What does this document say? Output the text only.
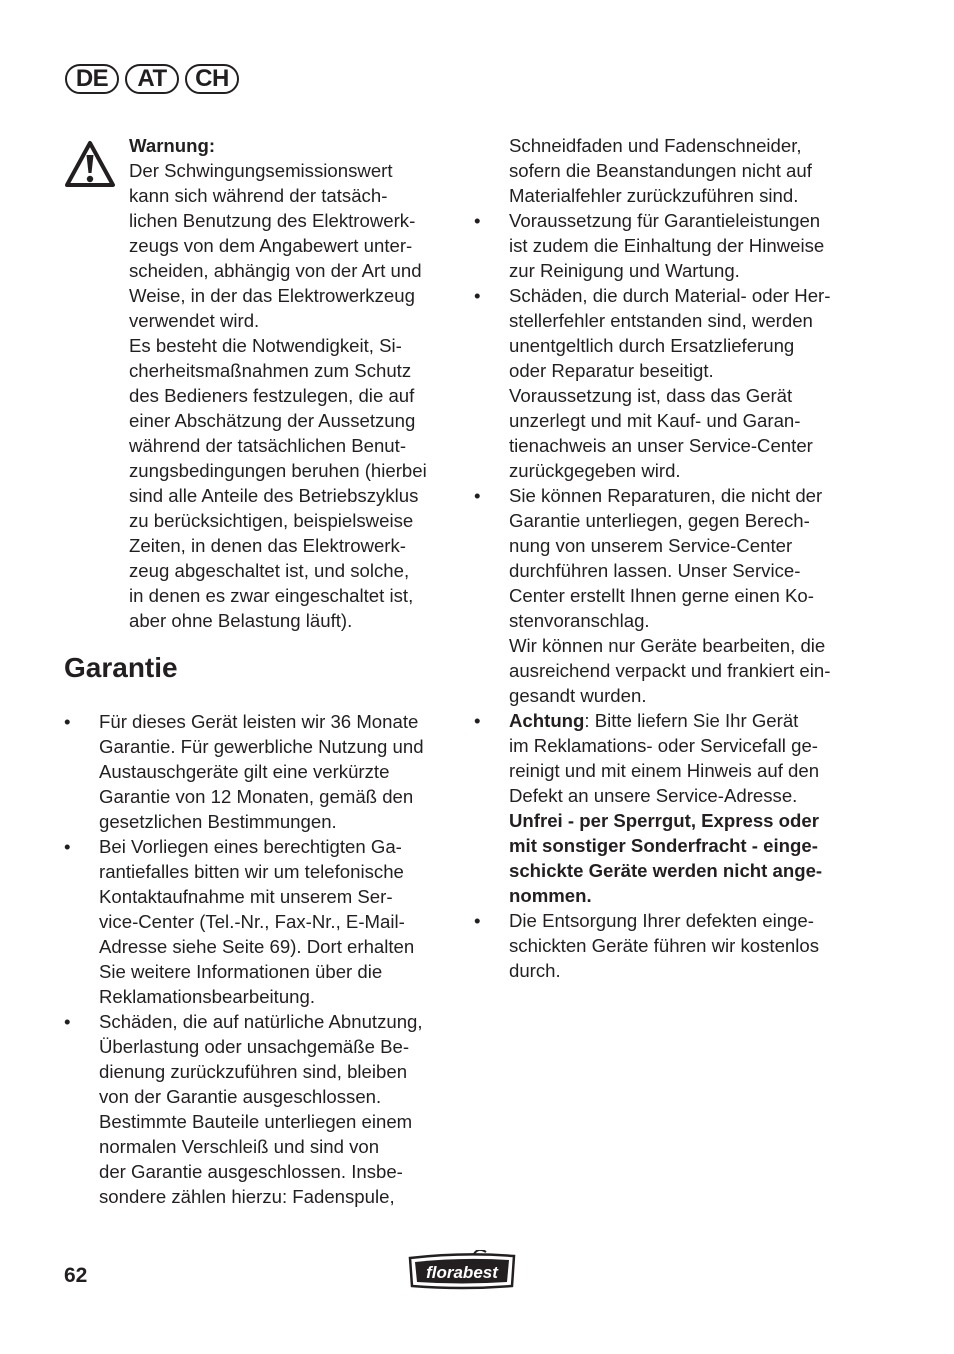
DE	AT	CH
Warnung:
Der Schwingungsemissionswert
kann sich während der tatsäch-
lichen Benutzung des Elektrowerk-
zeugs von dem Angabewert unter-
scheiden, abhängig von der Art und
Weise, in der das Elektrowerkzeug
verwendet wird.
Es besteht die Notwendigkeit, Si-
cherheitsmaßnahmen zum Schutz
des Bedieners festzulegen, die auf
einer Abschätzung der Aussetzung
während der tatsächlichen Benut-
zungsbedingungen beruhen (hierbei
sind alle Anteile des Betriebszyklus
zu berücksichtigen, beispielsweise
Zeiten, in denen das Elektrowerk-
zeug abgeschaltet ist, und solche,
in denen es zwar eingeschaltet ist,
aber ohne Belastung läuft).
Garantie
•	Für dieses Gerät leisten wir 36 Monate
Garantie. Für gewerbliche Nutzung und
Austauschgeräte gilt eine verkürzte
Garantie von 12 Monaten, gemäß den
gesetzlichen Bestimmungen.
•	Bei Vorliegen eines berechtigten Ga-
rantiefalles bitten wir um telefonische
Kontaktaufnahme mit unserem Ser-
vice-Center (Tel.-Nr., Fax-Nr., E-Mail-
Adresse siehe Seite 69). Dort erhalten
Sie weitere Informationen über die
Reklamationsbearbeitung.
•	Schäden, die auf natürliche Abnutzung,
Überlastung oder unsachgemäße Be-
dienung zurückzuführen sind, bleiben
von der Garantie ausgeschlossen.
Bestimmte Bauteile unterliegen einem
normalen Verschleiß und sind von
der Garantie ausgeschlossen. Insbe-
sondere zählen hierzu: Fadenspule,
Schneidfaden und Fadenschneider,
sofern die Beanstandungen nicht auf
Materialfehler zurückzuführen sind.
•	Voraussetzung für Garantieleistungen
ist zudem die Einhaltung der Hinweise
zur Reinigung und Wartung.
•	Schäden, die durch Material- oder Her-
stellerfehler entstanden sind, werden
unentgeltlich durch Ersatzlieferung
oder Reparatur beseitigt.
Voraussetzung ist, dass das Gerät
unzerlegt und mit Kauf- und Garan-
tienachweis an unser Service-Center
zurückgegeben wird.
•	Sie können Reparaturen, die nicht der
Garantie unterliegen, gegen Berech-
nung von unserem Service-Center
durchführen lassen. Unser Service-
Center erstellt Ihnen gerne einen Ko-
stenvoranschlag.
Wir können nur Geräte bearbeiten, die
ausreichend verpackt und frankiert ein-
gesandt wurden.
•	Achtung: Bitte liefern Sie Ihr Gerät
im Reklamations- oder Servicefall ge-
reinigt und mit einem Hinweis auf den
Defekt an unsere Service-Adresse.
Unfrei - per Sperrgut, Express oder
mit sonstiger Sonderfracht - einge-
schickte Geräte werden nicht ange-
nommen.
•	Die Entsorgung Ihrer defekten einge-
schickten Geräte führen wir kostenlos
durch.
62	florabest
